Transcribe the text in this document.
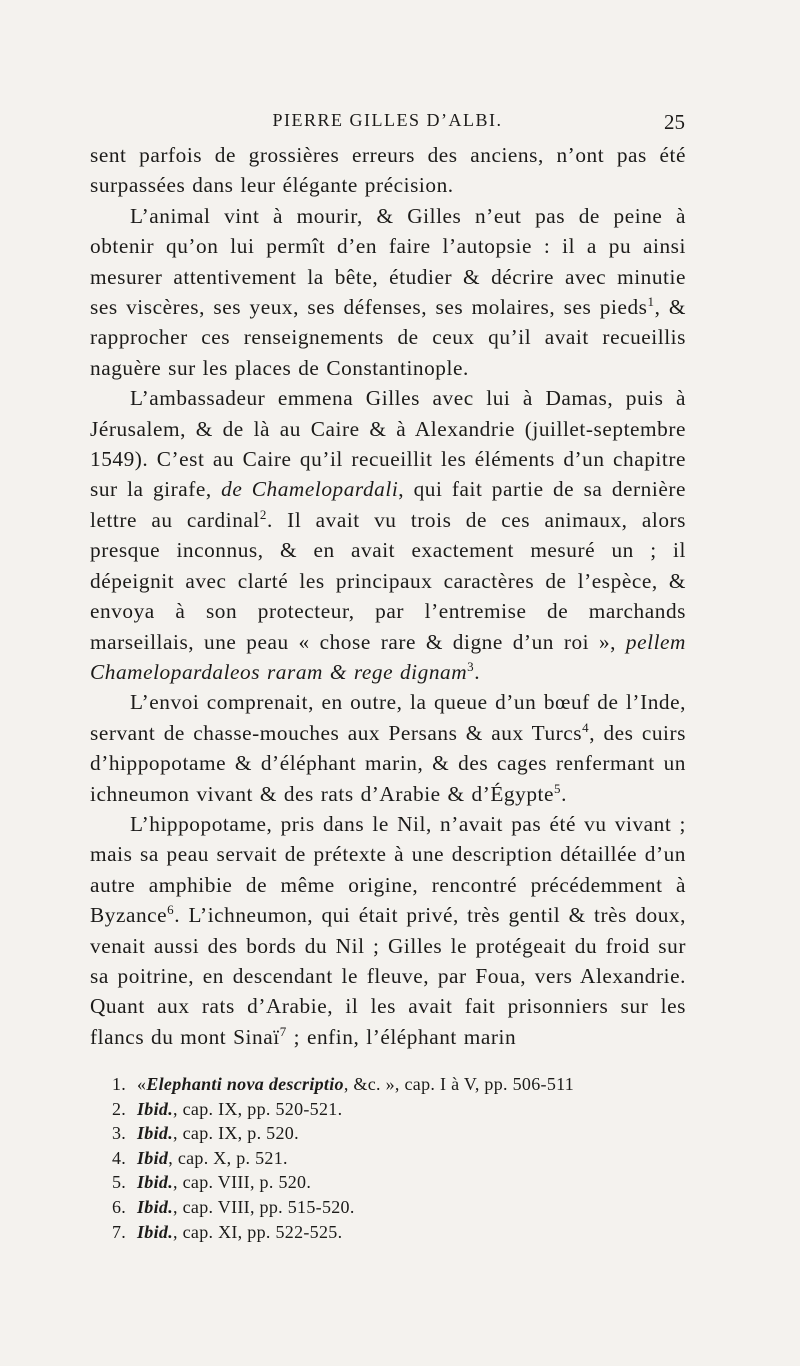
PIERRE GILLES D’ALBI.	25

sent parfois de grossières erreurs des anciens, n’ont pas été surpassées dans leur élégante précision.

L’animal vint à mourir, & Gilles n’eut pas de peine à obtenir qu’on lui permît d’en faire l’autopsie : il a pu ainsi mesurer attentivement la bête, étudier & décrire avec minutie ses viscères, ses yeux, ses défenses, ses molaires, ses pieds$^1$, & rapprocher ces renseignements de ceux qu’il avait recueillis naguère sur les places de Constantinople.

L’ambassadeur emmena Gilles avec lui à Damas, puis à Jérusalem, & de là au Caire & à Alexandrie (juillet-septembre 1549). C’est au Caire qu’il recueillit les éléments d’un chapitre sur la girafe, de Chamelopardali, qui fait partie de sa dernière lettre au cardinal$^2$. Il avait vu trois de ces animaux, alors presque inconnus, & en avait exactement mesuré un ; il dépeignit avec clarté les principaux caractères de l’espèce, & envoya à son protecteur, par l’entremise de marchands marseillais, une peau « chose rare & digne d’un roi », pellem Chamelopardaleos raram & rege dignam$^3$.

L’envoi comprenait, en outre, la queue d’un bœuf de l’Inde, servant de chasse-mouches aux Persans & aux Turcs$^4$, des cuirs d’hippopotame & d’éléphant marin, & des cages renfermant un ichneumon vivant & des rats d’Arabie & d’Égypte$^5$.

L’hippopotame, pris dans le Nil, n’avait pas été vu vivant ; mais sa peau servait de prétexte à une description détaillée d’un autre amphibie de même origine, rencontré précédemment à Byzance$^6$. L’ichneumon, qui était privé, très gentil & très doux, venait aussi des bords du Nil ; Gilles le protégeait du froid sur sa poitrine, en descendant le fleuve, par Foua, vers Alexandrie. Quant aux rats d’Arabie, il les avait fait prisonniers sur les flancs du mont Sinaï$^7$ ; enfin, l’éléphant marin

1. « Elephanti nova descriptio , &c. », cap. I à V, pp. 506-511
2. Ibid. , cap. IX, pp. 520-521.
3. Ibid. , cap. IX, p. 520.
4. Ibid , cap. X, p. 521.
5. Ibid. , cap. VIII, p. 520.
6. Ibid. , cap. VIII, pp. 515-520.
7. Ibid. , cap. XI, pp. 522-525.
